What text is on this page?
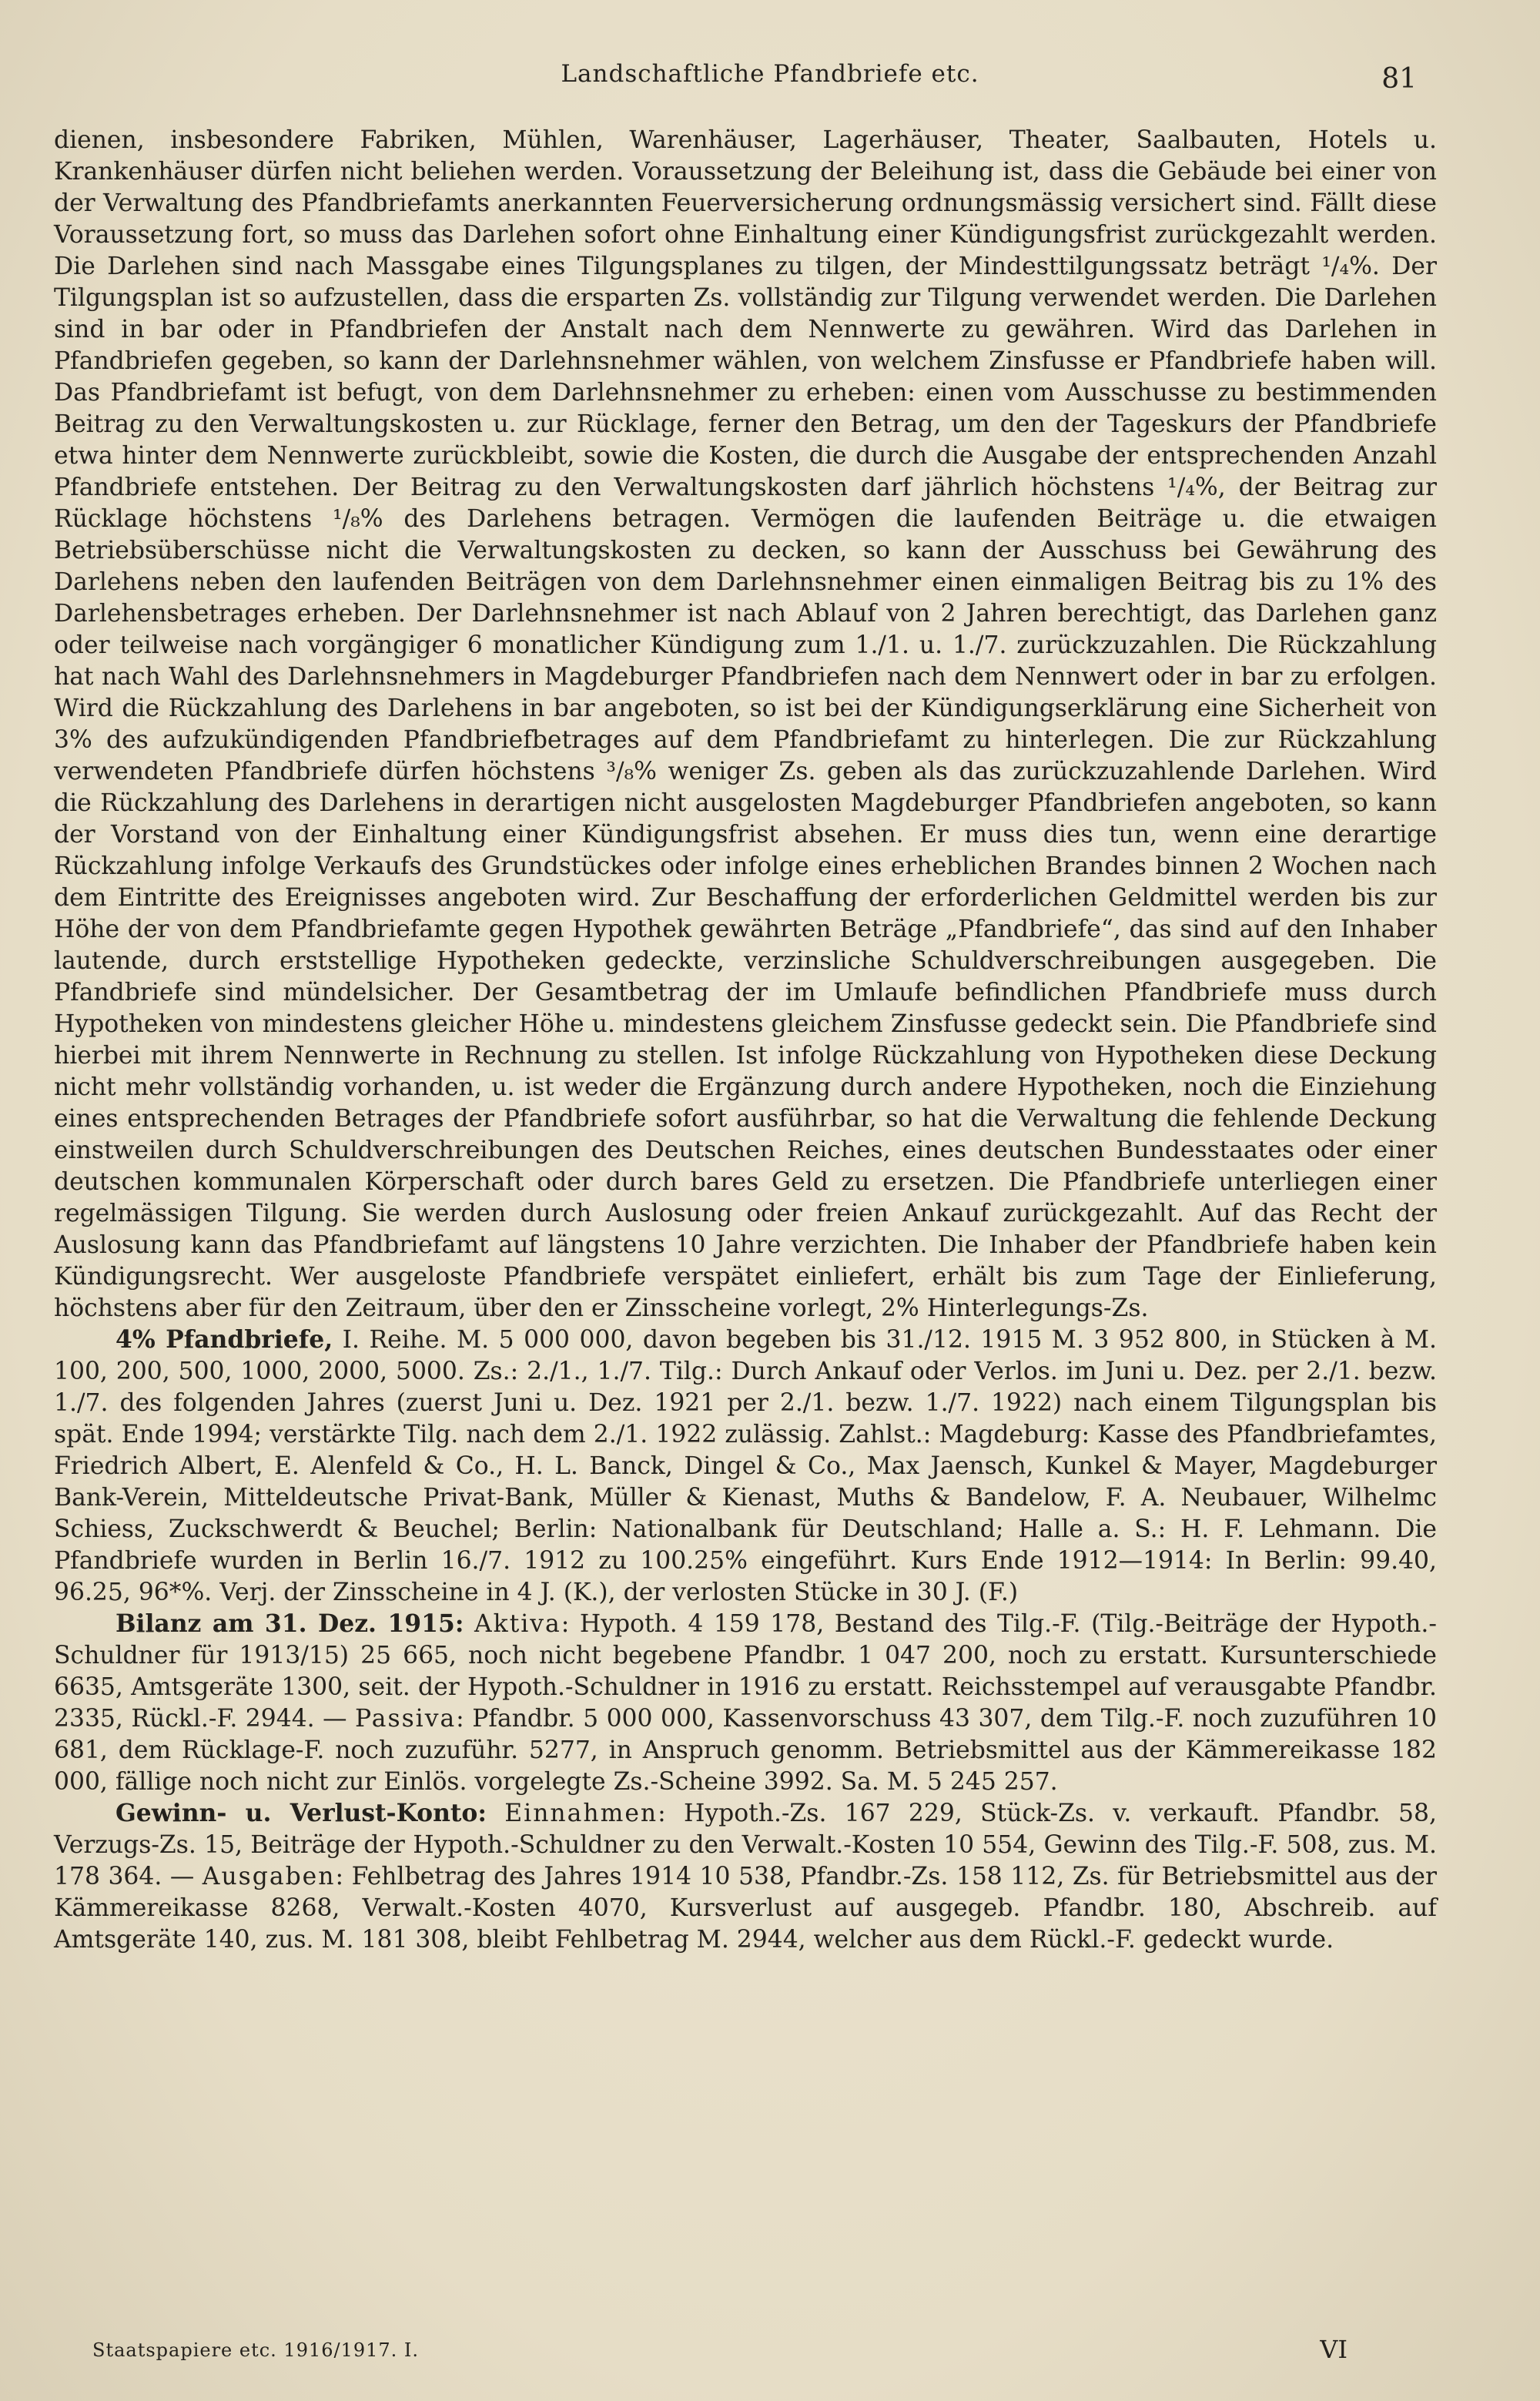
Landschaftliche Pfandbriefe etc.	81

dienen, insbesondere Fabriken, Mühlen, Warenhäuser, Lagerhäuser, Theater, Saalbauten, Hotels u. Krankenhäuser dürfen nicht beliehen werden. Voraussetzung der Beleihung ist, dass die Gebäude bei einer von der Verwaltung des Pfandbriefamts anerkannten Feuerversicherung ordnungsmässig versichert sind. Fällt diese Voraussetzung fort, so muss das Darlehen sofort ohne Einhaltung einer Kündigungsfrist zurückgezahlt werden. Die Darlehen sind nach Massgabe eines Tilgungsplanes zu tilgen, der Mindesttilgungssatz beträgt ¹/₄%. Der Tilgungsplan ist so aufzustellen, dass die ersparten Zs. vollständig zur Tilgung verwendet werden. Die Darlehen sind in bar oder in Pfandbriefen der Anstalt nach dem Nennwerte zu gewähren. Wird das Darlehen in Pfandbriefen gegeben, so kann der Darlehnsnehmer wählen, von welchem Zinsfusse er Pfandbriefe haben will. Das Pfandbriefamt ist befugt, von dem Darlehnsnehmer zu erheben: einen vom Ausschusse zu bestimmenden Beitrag zu den Verwaltungskosten u. zur Rücklage, ferner den Betrag, um den der Tageskurs der Pfandbriefe etwa hinter dem Nennwerte zurückbleibt, sowie die Kosten, die durch die Ausgabe der entsprechenden Anzahl Pfandbriefe entstehen. Der Beitrag zu den Verwaltungskosten darf jährlich höchstens ¹/₄%, der Beitrag zur Rücklage höchstens ¹/₈% des Darlehens betragen. Vermögen die laufenden Beiträge u. die etwaigen Betriebsüberschüsse nicht die Verwaltungskosten zu decken, so kann der Ausschuss bei Gewährung des Darlehens neben den laufenden Beiträgen von dem Darlehnsnehmer einen einmaligen Beitrag bis zu 1% des Darlehensbetrages erheben. Der Darlehnsnehmer ist nach Ablauf von 2 Jahren berechtigt, das Darlehen ganz oder teilweise nach vorgängiger 6 monatlicher Kündigung zum 1./1. u. 1./7. zurückzuzahlen. Die Rückzahlung hat nach Wahl des Darlehnsnehmers in Magdeburger Pfandbriefen nach dem Nennwert oder in bar zu erfolgen. Wird die Rückzahlung des Darlehens in bar angeboten, so ist bei der Kündigungserklärung eine Sicherheit von 3% des aufzukündigenden Pfandbriefbetrages auf dem Pfandbriefamt zu hinterlegen. Die zur Rückzahlung verwendeten Pfandbriefe dürfen höchstens ³/₈% weniger Zs. geben als das zurückzuzahlende Darlehen. Wird die Rückzahlung des Darlehens in derartigen nicht ausgelosten Magdeburger Pfandbriefen angeboten, so kann der Vorstand von der Einhaltung einer Kündigungsfrist absehen. Er muss dies tun, wenn eine derartige Rückzahlung infolge Verkaufs des Grundstückes oder infolge eines erheblichen Brandes binnen 2 Wochen nach dem Eintritte des Ereignisses angeboten wird. Zur Beschaffung der erforderlichen Geldmittel werden bis zur Höhe der von dem Pfandbriefamte gegen Hypothek gewährten Beträge „Pfandbriefe“, das sind auf den Inhaber lautende, durch erststellige Hypotheken gedeckte, verzinsliche Schuldverschreibungen ausgegeben. Die Pfandbriefe sind mündelsicher. Der Gesamtbetrag der im Umlaufe befindlichen Pfandbriefe muss durch Hypotheken von mindestens gleicher Höhe u. mindestens gleichem Zinsfusse gedeckt sein. Die Pfandbriefe sind hierbei mit ihrem Nennwerte in Rechnung zu stellen. Ist infolge Rückzahlung von Hypotheken diese Deckung nicht mehr vollständig vorhanden, u. ist weder die Ergänzung durch andere Hypotheken, noch die Einziehung eines entsprechenden Betrages der Pfandbriefe sofort ausführbar, so hat die Verwaltung die fehlende Deckung einstweilen durch Schuldverschreibungen des Deutschen Reiches, eines deutschen Bundesstaates oder einer deutschen kommunalen Körperschaft oder durch bares Geld zu ersetzen. Die Pfandbriefe unterliegen einer regelmässigen Tilgung. Sie werden durch Auslosung oder freien Ankauf zurückgezahlt. Auf das Recht der Auslosung kann das Pfandbriefamt auf längstens 10 Jahre verzichten. Die Inhaber der Pfandbriefe haben kein Kündigungsrecht. Wer ausgeloste Pfandbriefe verspätet einliefert, erhält bis zum Tage der Einlieferung, höchstens aber für den Zeitraum, über den er Zinsscheine vorlegt, 2% Hinterlegungs-Zs.

4% Pfandbriefe, I. Reihe. M. 5 000 000, davon begeben bis 31./12. 1915 M. 3 952 800, in Stücken à M. 100, 200, 500, 1000, 2000, 5000. Zs.: 2./1., 1./7. Tilg.: Durch Ankauf oder Verlos. im Juni u. Dez. per 2./1. bezw. 1./7. des folgenden Jahres (zuerst Juni u. Dez. 1921 per 2./1. bezw. 1./7. 1922) nach einem Tilgungsplan bis spät. Ende 1994; verstärkte Tilg. nach dem 2./1. 1922 zulässig. Zahlst.: Magdeburg: Kasse des Pfandbriefamtes, Friedrich Albert, E. Alenfeld & Co., H. L. Banck, Dingel & Co., Max Jaensch, Kunkel & Mayer, Magdeburger Bank-Verein, Mitteldeutsche Privat-Bank, Müller & Kienast, Muths & Bandelow, F. A. Neubauer, Wilhelmc Schiess, Zuckschwerdt & Beuchel; Berlin: Nationalbank für Deutschland; Halle a. S.: H. F. Lehmann. Die Pfandbriefe wurden in Berlin 16./7. 1912 zu 100.25% eingeführt. Kurs Ende 1912—1914: In Berlin: 99.40, 96.25, 96*%. Verj. der Zinsscheine in 4 J. (K.), der verlosten Stücke in 30 J. (F.)

Bilanz am 31. Dez. 1915: Aktiva: Hypoth. 4 159 178, Bestand des Tilg.-F. (Tilg.-Beiträge der Hypoth.-Schuldner für 1913/15) 25 665, noch nicht begebene Pfandbr. 1 047 200, noch zu erstatt. Kursunterschiede 6635, Amtsgeräte 1300, seit. der Hypoth.-Schuldner in 1916 zu erstatt. Reichsstempel auf verausgabte Pfandbr. 2335, Rückl.-F. 2944. — Passiva: Pfandbr. 5 000 000, Kassenvorschuss 43 307, dem Tilg.-F. noch zuzuführen 10 681, dem Rücklage-F. noch zuzuführ. 5277, in Anspruch genomm. Betriebsmittel aus der Kämmereikasse 182 000, fällige noch nicht zur Einlös. vorgelegte Zs.-Scheine 3992. Sa. M. 5 245 257.

Gewinn- u. Verlust-Konto: Einnahmen: Hypoth.-Zs. 167 229, Stück-Zs. v. verkauft. Pfandbr. 58, Verzugs-Zs. 15, Beiträge der Hypoth.-Schuldner zu den Verwalt.-Kosten 10 554, Gewinn des Tilg.-F. 508, zus. M. 178 364. — Ausgaben: Fehlbetrag des Jahres 1914 10 538, Pfandbr.-Zs. 158 112, Zs. für Betriebsmittel aus der Kämmereikasse 8268, Verwalt.-Kosten 4070, Kursverlust auf ausgegeb. Pfandbr. 180, Abschreib. auf Amtsgeräte 140, zus. M. 181 308, bleibt Fehlbetrag M. 2944, welcher aus dem Rückl.-F. gedeckt wurde.

Staatspapiere etc. 1916/1917. I.	VI
